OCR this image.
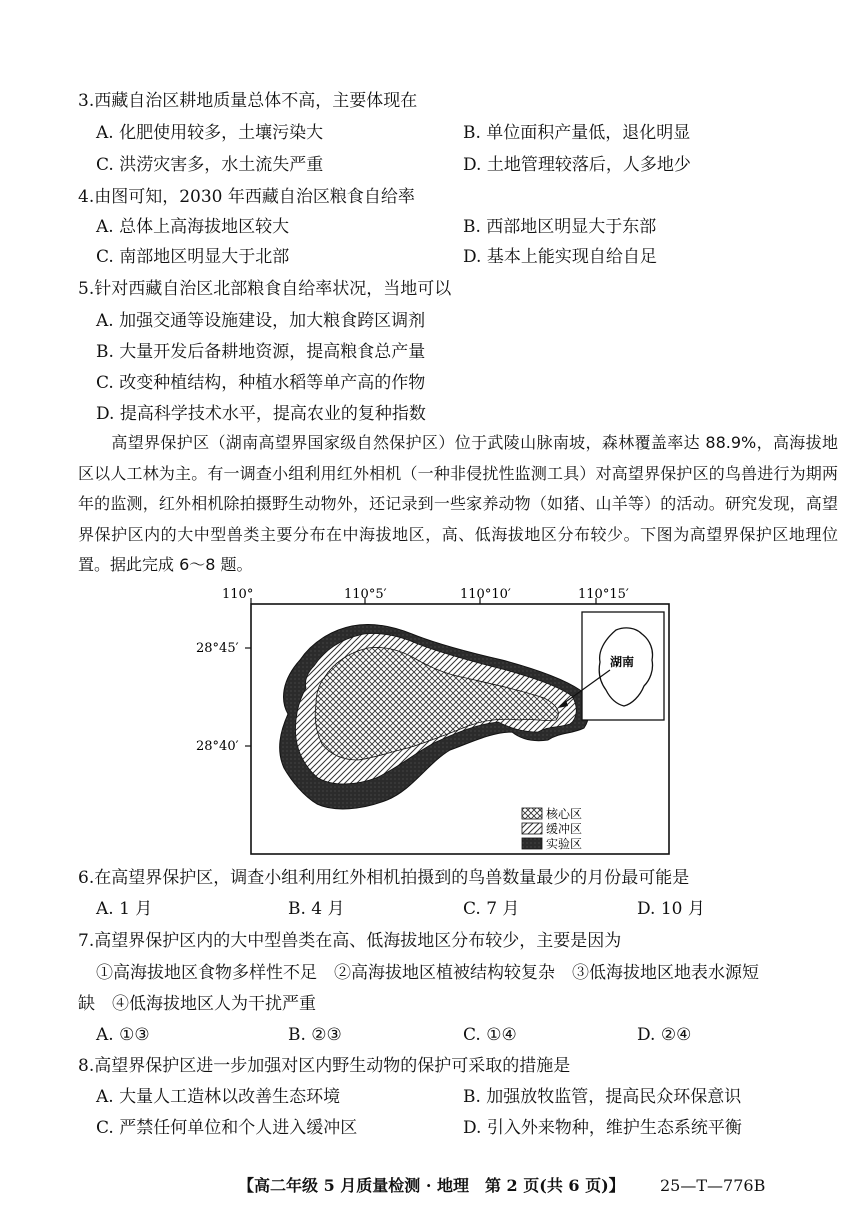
3.西藏自治区耕地质量总体不高，主要体现在
A. 化肥使用较多，土壤污染大	B. 单位面积产量低，退化明显
C. 洪涝灾害多，水土流失严重	D. 土地管理较落后，人多地少
4.由图可知，2030 年西藏自治区粮食自给率
A. 总体上高海拔地区较大	B. 西部地区明显大于东部
C. 南部地区明显大于北部	D. 基本上能实现自给自足
5.针对西藏自治区北部粮食自给率状况，当地可以
A. 加强交通等设施建设，加大粮食跨区调剂
B. 大量开发后备耕地资源，提高粮食总产量
C. 改变种植结构，种植水稻等单产高的作物
D. 提高科学技术水平，提高农业的复种指数
高望界保护区（湖南高望界国家级自然保护区）位于武陵山脉南坡，森林覆盖率达 88.9%，高海拔地区以人工林为主。有一调查小组利用红外相机（一种非侵扰性监测工具）对高望界保护区的鸟兽进行为期两年的监测，红外相机除拍摄野生动物外，还记录到一些家养动物（如猪、山羊等）的活动。研究发现，高望界保护区内的大中型兽类主要分布在中海拔地区，高、低海拔地区分布较少。下图为高望界保护区地理位置。据此完成 6～8 题。
110°	110°5′	110°10′	110°15′
28°45′
28°40′
湖南
核心区
缓冲区
实验区
6.在高望界保护区，调查小组利用红外相机拍摄到的鸟兽数量最少的月份最可能是
A. 1 月	B. 4 月	C. 7 月	D. 10 月
7.高望界保护区内的大中型兽类在高、低海拔地区分布较少，主要是因为
①高海拔地区食物多样性不足　②高海拔地区植被结构较复杂　③低海拔地区地表水源短
缺　④低海拔地区人为干扰严重
A. ①③	B. ②③	C. ①④	D. ②④
8.高望界保护区进一步加强对区内野生动物的保护可采取的措施是
A. 大量人工造林以改善生态环境	B. 加强放牧监管，提高民众环保意识
C. 严禁任何单位和个人进入缓冲区	D. 引入外来物种，维护生态系统平衡
【高二年级 5 月质量检测 · 地理　第 2 页(共 6 页)】 25—T—776B
